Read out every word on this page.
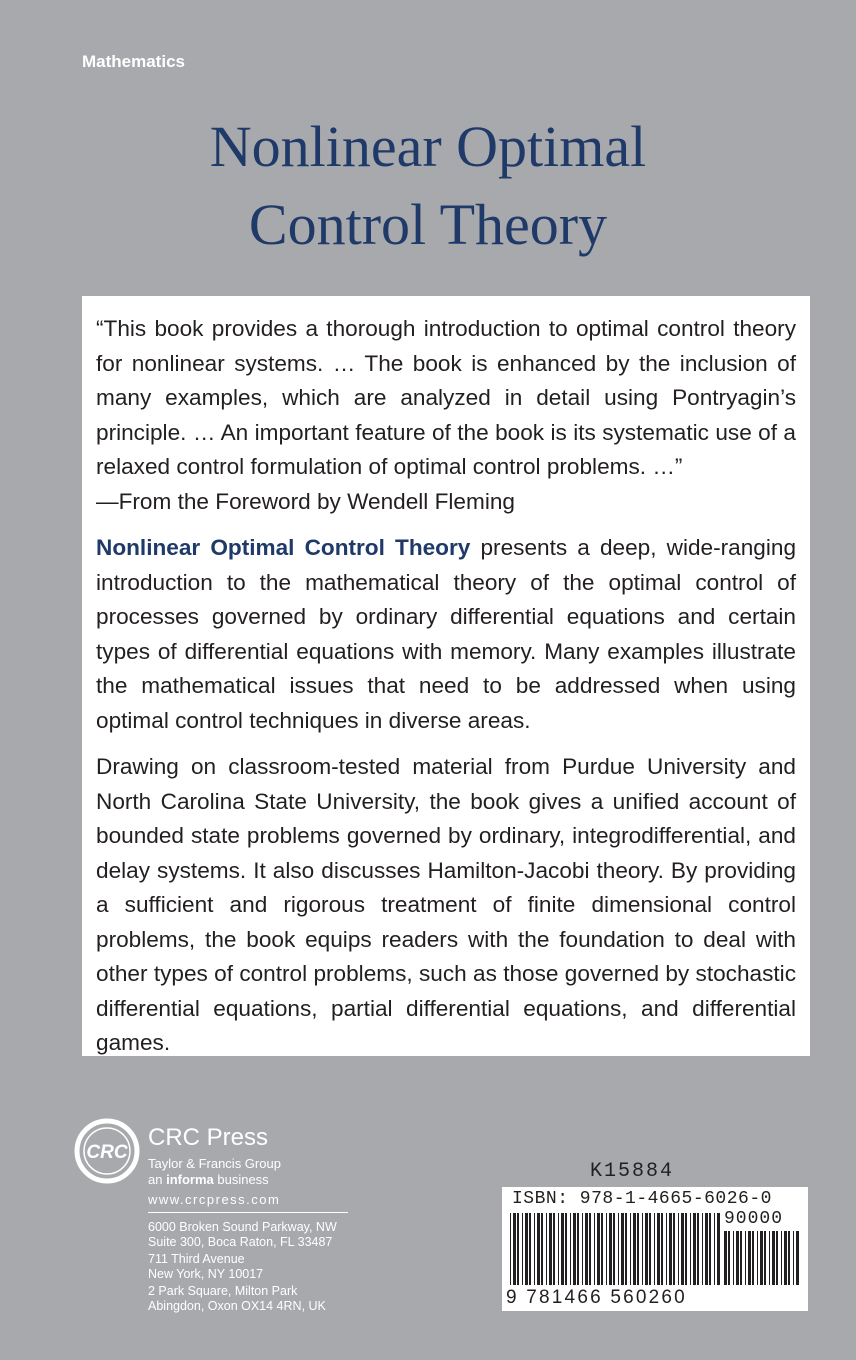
Mathematics
Nonlinear Optimal
Control Theory

“This book provides a thorough introduction to optimal control theory for nonlinear systems. … The book is enhanced by the inclusion of many examples, which are analyzed in detail using Pontryagin’s principle. … An important feature of the book is its systematic use of a relaxed control formulation of optimal control problems. …”
—From the Foreword by Wendell Fleming

Nonlinear Optimal Control Theory presents a deep, wide-ranging introduction to the mathematical theory of the optimal control of processes governed by ordinary differential equations and certain types of differential equations with memory. Many examples illustrate the mathematical issues that need to be addressed when using optimal control techniques in diverse areas.

Drawing on classroom-tested material from Purdue University and North Carolina State University, the book gives a unified account of bounded state problems governed by ordinary, integrodifferential, and delay systems. It also discusses Hamilton-Jacobi theory. By providing a sufficient and rigorous treatment of finite dimensional control problems, the book equips readers with the foundation to deal with other types of control problems, such as those governed by stochastic differential equations, partial differential equations, and differential games.

CRC
CRC Press
Taylor & Francis Group
an informa business
www.crcpress.com
6000 Broken Sound Parkway, NW
Suite 300, Boca Raton, FL 33487
711 Third Avenue
New York, NY 10017
2 Park Square, Milton Park
Abingdon, Oxon OX14 4RN, UK
K15884
ISBN: 978-1-4665-6026-0
90000
9 781466 560260
